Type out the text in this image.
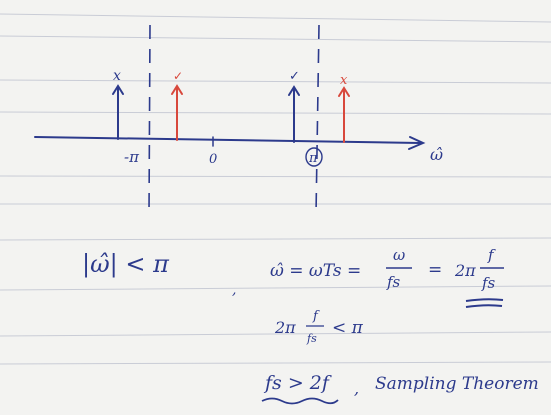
x	✓	✓	x
-π	0	π	ω̂
|ω̂| < π
,
ω̂ = ωTs =
ω
fs
= 2π
f
fs
2π
f
fs
< π
fs > 2f , Sampling Theorem
